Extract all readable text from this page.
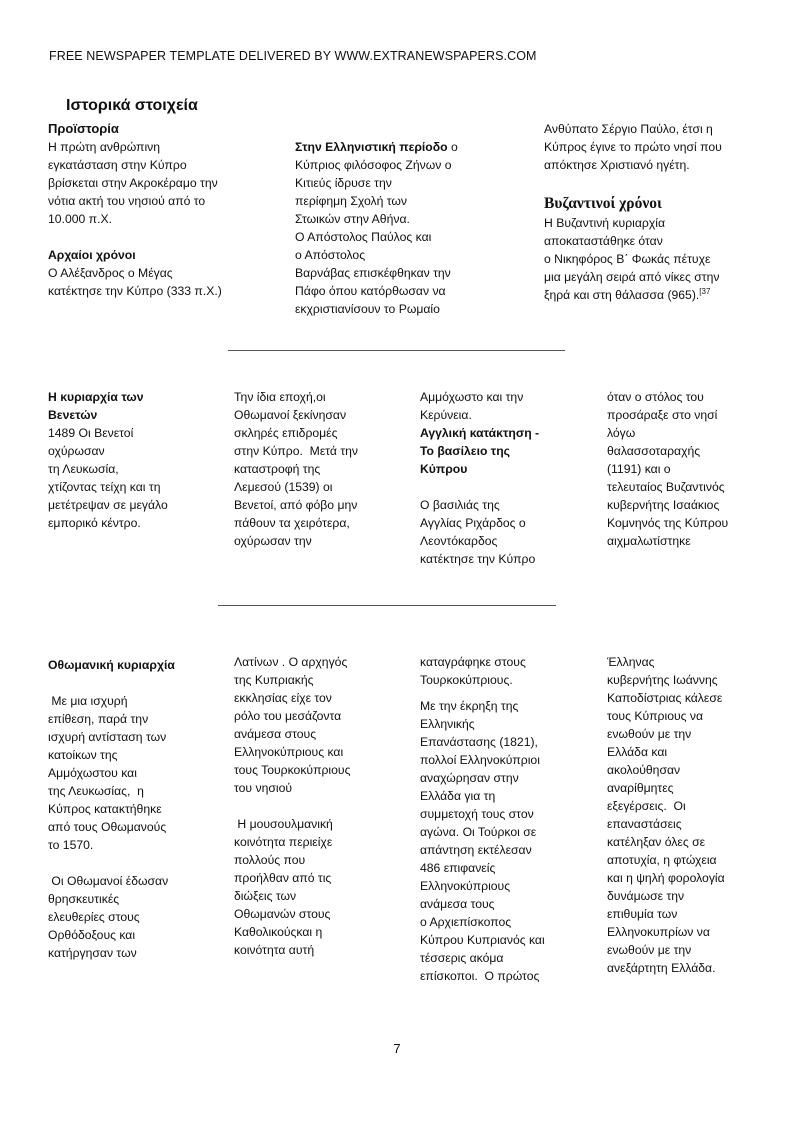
FREE NEWSPAPER TEMPLATE DELIVERED BY WWW.EXTRANEWSPAPERS.COM
Ιστορικά στοιχεία

Προϊστορία

Η πρώτη ανθρώπινη
εγκατάσταση στην Κύπρο
βρίσκεται στην Ακροκέραμο την
νότια ακτή του νησιού από το
10.000 π.Χ.

Αρχαίοι χρόνοι

Ο Αλέξανδρος ο Μέγας
κατέκτησε την Κύπρο (333 π.Χ.)

Στην Ελληνιστική περίοδο ο

Κύπριος φιλόσοφος Ζήνων ο
Κιτιεύς ίδρυσε την
περίφημη Σχολή των
Στωικών στην Αθήνα.
Ο Απόστολος Παύλος και
ο Απόστολος
Βαρνάβας επισκέφθηκαν την
Πάφο όπου κατόρθωσαν να
εκχριστιανίσουν το Ρωμαίο
Ανθύπατο Σέργιο Παύλο, έτσι η
Κύπρος έγινε το πρώτο νησί που
απόκτησε Χριστιανό ηγέτη.

Βυζαντινοί χρόνοι

Η Βυζαντινή κυριαρχία
αποκαταστάθηκε όταν
ο Νικηφόρος Β΄ Φωκάς πέτυχε
μια μεγάλη σειρά από νίκες στην

ξηρά και στη θάλασσα (965).$^{[37}$

Η κυριαρχία των

Βενετών

1489 Οι Βενετοί
οχύρωσαν
τη Λευκωσία,
χτίζοντας τείχη και τη
μετέτρεψαν σε μεγάλο
εμπορικό κέντρο.
Την ίδια εποχή,οι
Οθωμανοί ξεκίνησαν
σκληρές επιδρομές
στην Κύπρο.  Μετά την
καταστροφή της
Λεμεσού (1539) οι
Βενετοί, από φόβο μην
πάθουν τα χειρότερα,
οχύρωσαν την
Αμμόχωστο και την
Κερύνεια.

Αγγλική κατάκτηση -

Το βασίλειο της

Κύπρου

Ο βασιλιάς της
Αγγλίας Ριχάρδος ο
Λεοντόκαρδος
κατέκτησε την Κύπρο
όταν ο στόλος του
προσάραξε στο νησί
λόγω
θαλασσοταραχής
(1191) και ο
τελευταίος Βυζαντινός
κυβερνήτης Ισαάκιος
Κομνηνός της Κύπρου
αιχμαλωτίστηκε

Οθωμανική κυριαρχία

Με μια ισχυρή
επίθεση, παρά την
ισχυρή αντίσταση των
κατοίκων της
Αμμόχωστου και
της Λευκωσίας,  η
Κύπρος κατακτήθηκε
από τους Οθωμανούς
το 1570.
Οι Οθωμανοί έδωσαν
θρησκευτικές
ελευθερίες στους
Ορθόδοξους και
κατήργησαν των
Λατίνων . Ο αρχηγός
της Κυπριακής
εκκλησίας είχε τον
ρόλο του μεσάζοντα
ανάμεσα στους
Ελληνοκύπριους και
τους Τουρκοκύπριους
του νησιού
Η μουσουλμανική
κοινότητα περιείχε
πολλούς που
προήλθαν από τις
διώξεις των
Οθωμανών στους
Καθολικούςκαι η
κοινότητα αυτή
καταγράφηκε στους
Τουρκοκύπριους.
Με την έκρηξη της
Ελληνικής
Επανάστασης (1821),
πολλοί Ελληνοκύπριοι
αναχώρησαν στην
Ελλάδα για τη
συμμετοχή τους στον
αγώνα. Οι Τούρκοι σε
απάντηση εκτέλεσαν
486 επιφανείς
Ελληνοκύπριους
ανάμεσα τους
ο Αρχιεπίσκοπος
Κύπρου Κυπριανός και
τέσσερις ακόμα
επίσκοποι.  Ο πρώτος
Έλληνας
κυβερνήτης Ιωάννης
Καποδίστριας κάλεσε
τους Κύπριους να
ενωθούν με την
Ελλάδα και
ακολούθησαν
αναρίθμητες
εξεγέρσεις.  Οι
επαναστάσεις
κατέληξαν όλες σε
αποτυχία, η φτώχεια
και η ψηλή φορολογία
δυνάμωσε την
επιθυμία των
Ελληνοκυπρίων να
ενωθούν με την
ανεξάρτητη Ελλάδα.
7
